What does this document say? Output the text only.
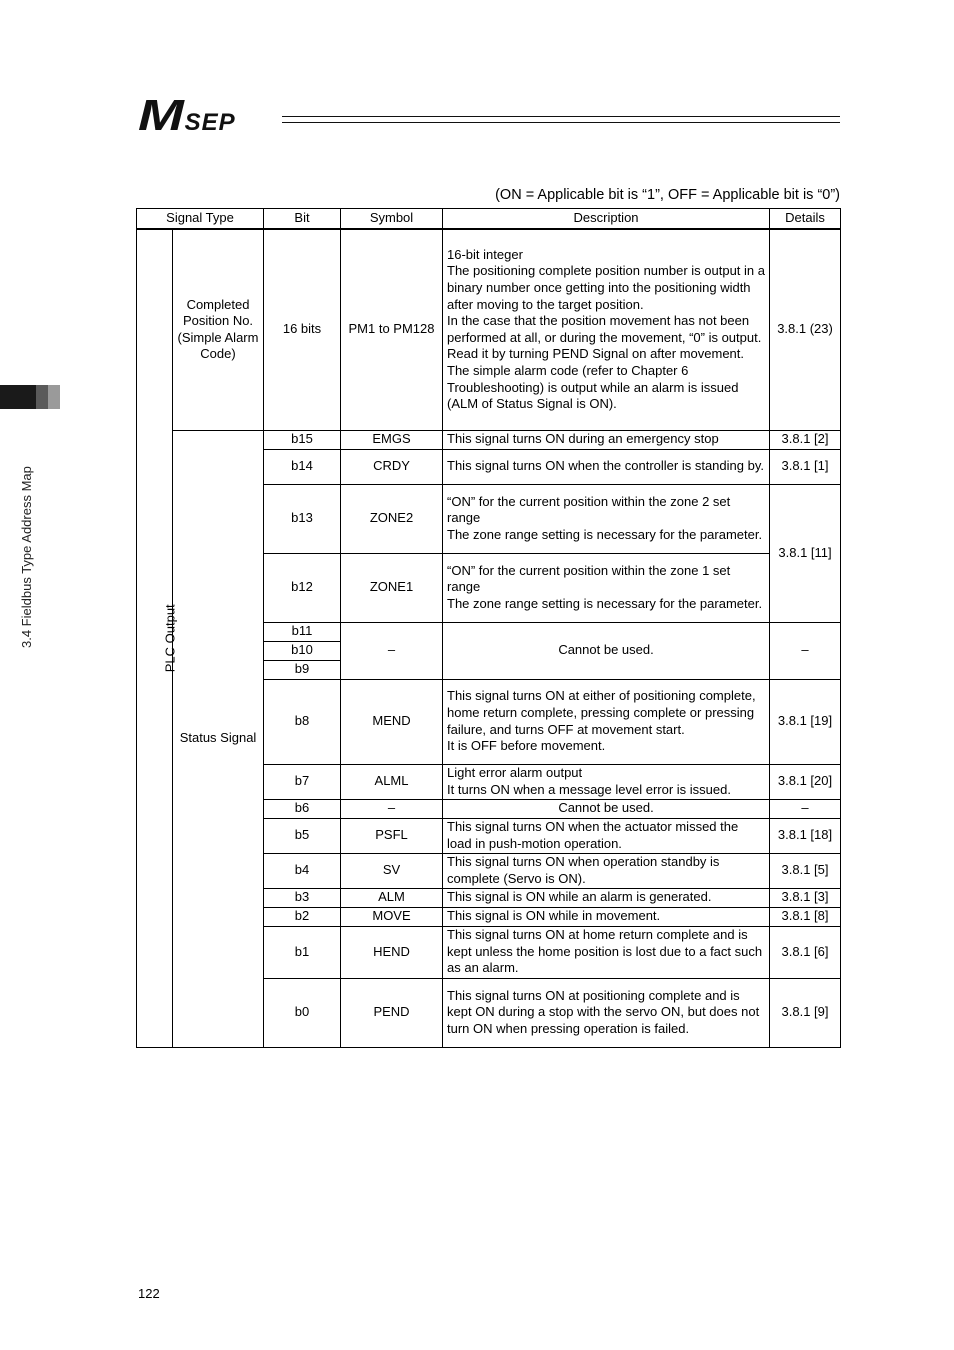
M SEP
3.4 Fieldbus Type Address Map
(ON = Applicable bit is “1”, OFF = Applicable bit is “0”)
Signal Type		Bit	Symbol	Description	Details
PLC Output	Completed Position No. (Simple Alarm Code)	16 bits	PM1 to PM128	16-bit integer
The positioning complete position number is output in a binary number once getting into the positioning width after moving to the target position.
In the case that the position movement has not been performed at all, or during the movement, “0” is output. Read it by turning PEND Signal on after movement.
The simple alarm code (refer to Chapter 6 Troubleshooting) is output while an alarm is issued (ALM of Status Signal is ON).	3.8.1 (23)
	Status Signal	b15	EMGS	This signal turns ON during an emergency stop	3.8.1 [2]
		b14	CRDY	This signal turns ON when the controller is standing by.	3.8.1 [1]
		b13	ZONE2	“ON” for the current position within the zone 2 set range
The zone range setting is necessary for the parameter.	3.8.1 [11]
		b12	ZONE1	“ON” for the current position within the zone 1 set range
The zone range setting is necessary for the parameter.	

		b11	–	Cannot be used.	–
		b10			
		b9			
		b8	MEND	This signal turns ON at either of positioning complete, home return complete, pressing complete or pressing failure, and turns OFF at movement start.
It is OFF before movement.	3.8.1 [19]
		b7	ALML	Light error alarm output
It turns ON when a message level error is issued.	3.8.1 [20]
		b6	–	Cannot be used.	–
		b5	PSFL	This signal turns ON when the actuator missed the load in push-motion operation.	3.8.1 [18]
		b4	SV	This signal turns ON when operation standby is complete (Servo is ON).	3.8.1 [5]
		b3	ALM	This signal is ON while an alarm is generated.	3.8.1 [3]
		b2	MOVE	This signal is ON while in movement.	3.8.1 [8]
		b1	HEND	This signal turns ON at home return complete and is kept unless the home position is lost due to a fact such as an alarm.	3.8.1 [6]
		b0	PEND	This signal turns ON at positioning complete and is kept ON during a stop with the servo ON, but does not turn ON when pressing operation is failed.	3.8.1 [9]
122
